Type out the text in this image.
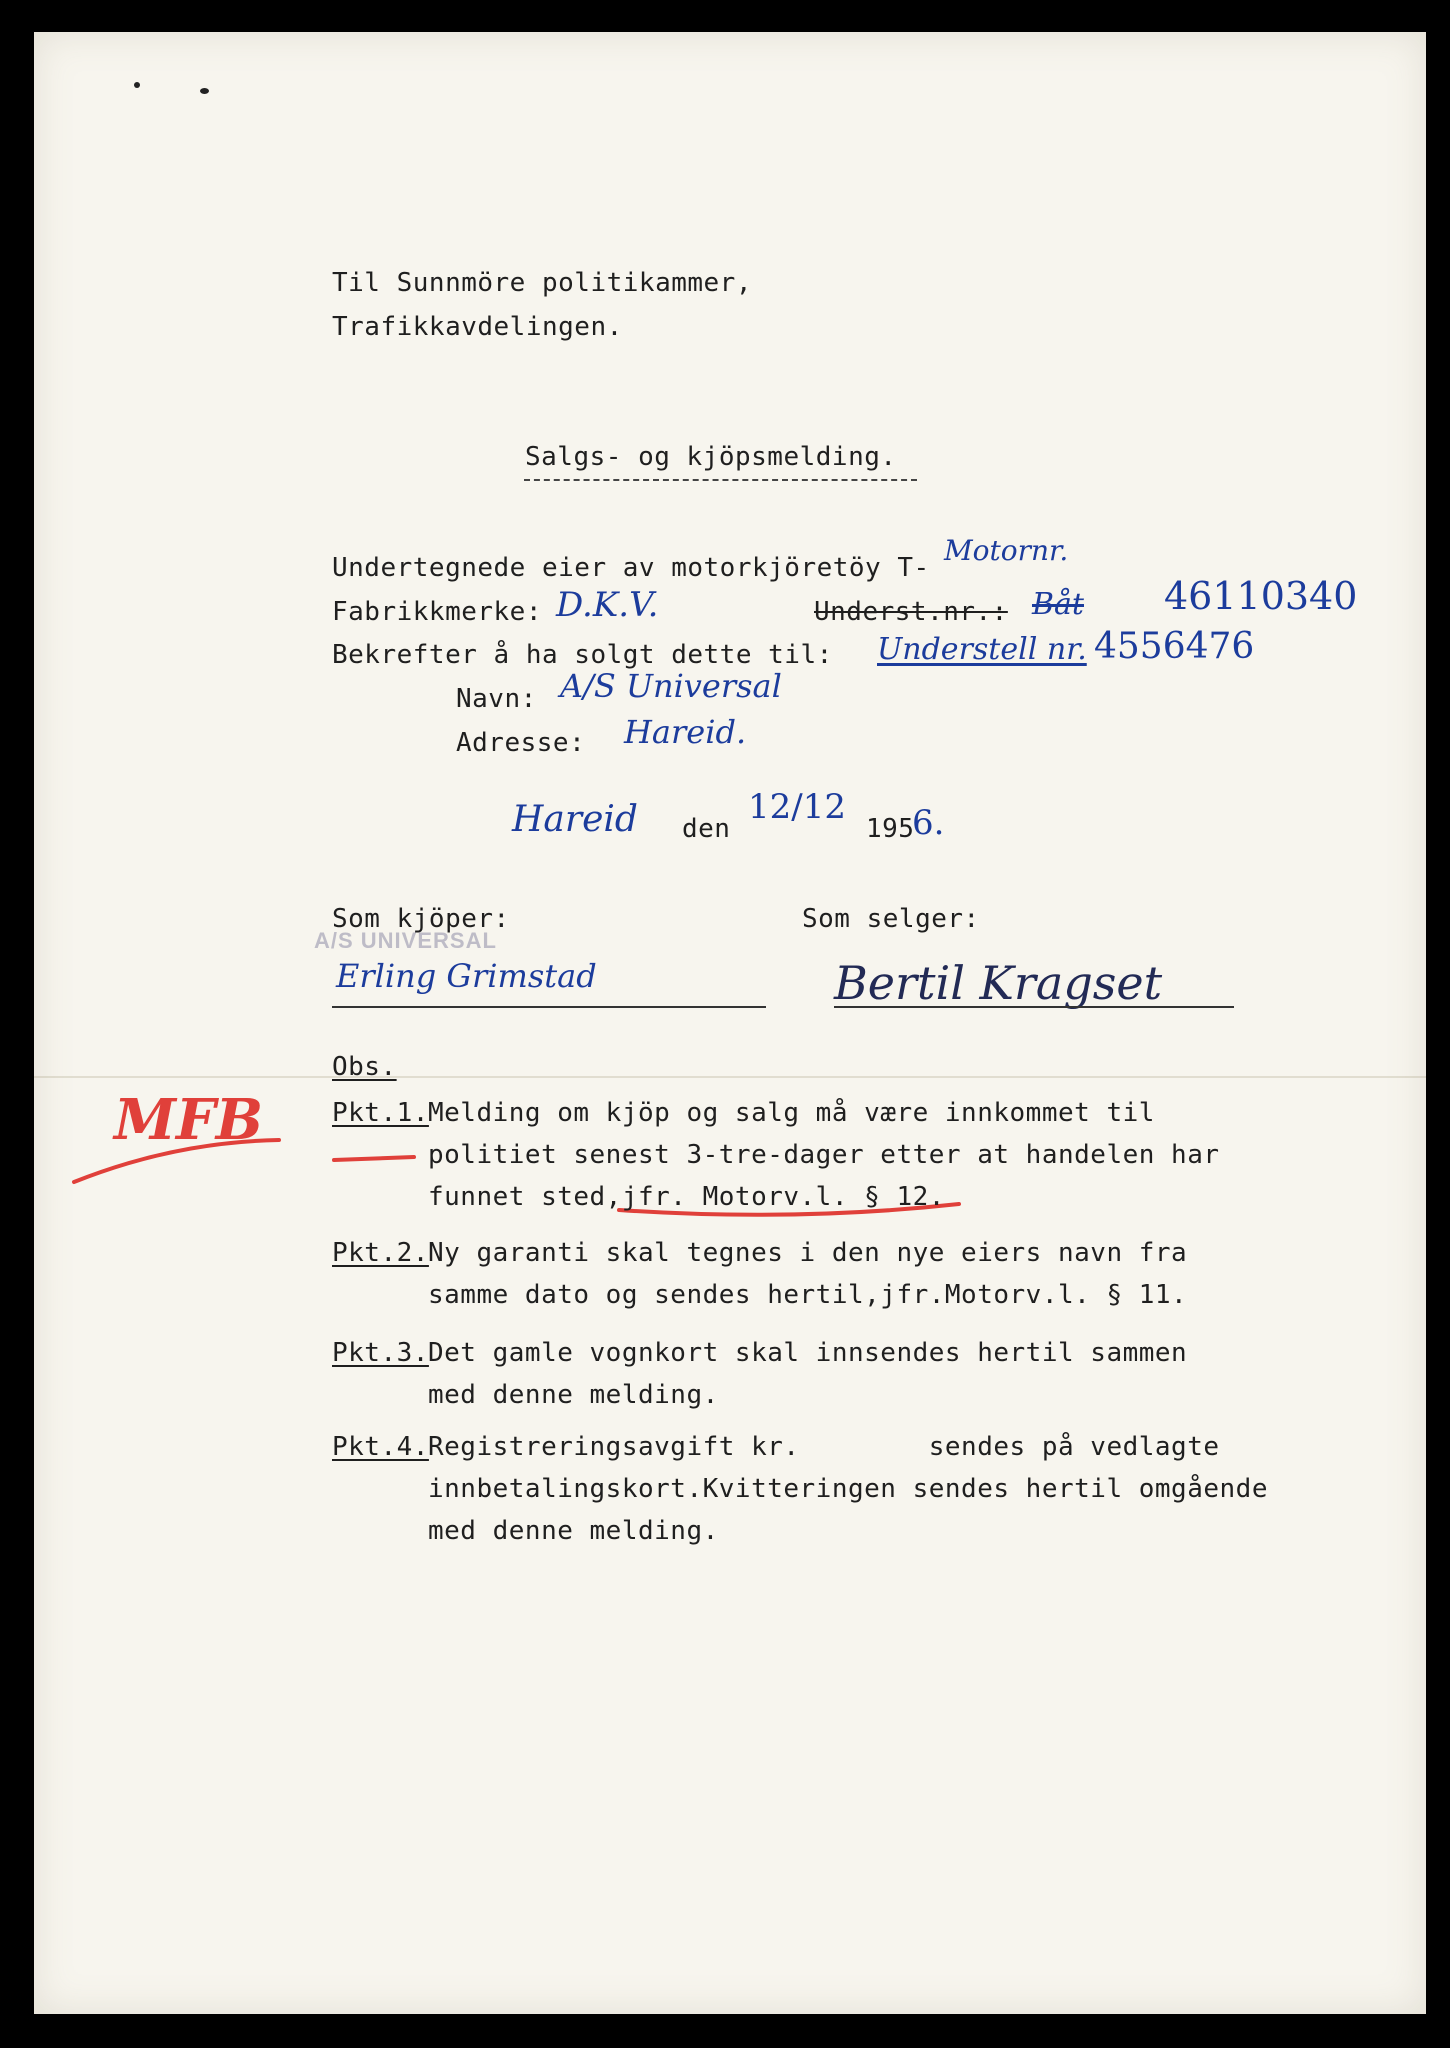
Til Sunnmöre politikammer,
Trafikkavdelingen.
Salgs- og kjöpsmelding.
Undertegnede eier av motorkjöretöy T-
Motornr.
Fabrikkmerke: D.K.V.	Underst.nr.: Båt 46110340
Bekrefter å ha solgt dette til: Understell nr. 4556476
Navn: A/S Universal
Adresse: Hareid.
Hareid den
12/12
195
6.
Som kjöper:
A/S UNIVERSAL
Erling Grimstad
Som selger:
Bertil Kragset
Obs.
MFB	Pkt.1. Melding om kjöp og salg må være innkommet til
politiet senest 3-tre-dager etter at handelen har
funnet sted,jfr. Motorv.l. § 12.
Pkt.2. Ny garanti skal tegnes i den nye eiers navn fra
samme dato og sendes hertil,jfr.Motorv.l. § 11.
Pkt.3. Det gamle vognkort skal innsendes hertil sammen
med denne melding.
Pkt.4. Registreringsavgift kr.        sendes på vedlagte
innbetalingskort.Kvitteringen sendes hertil omgående
med denne melding.
